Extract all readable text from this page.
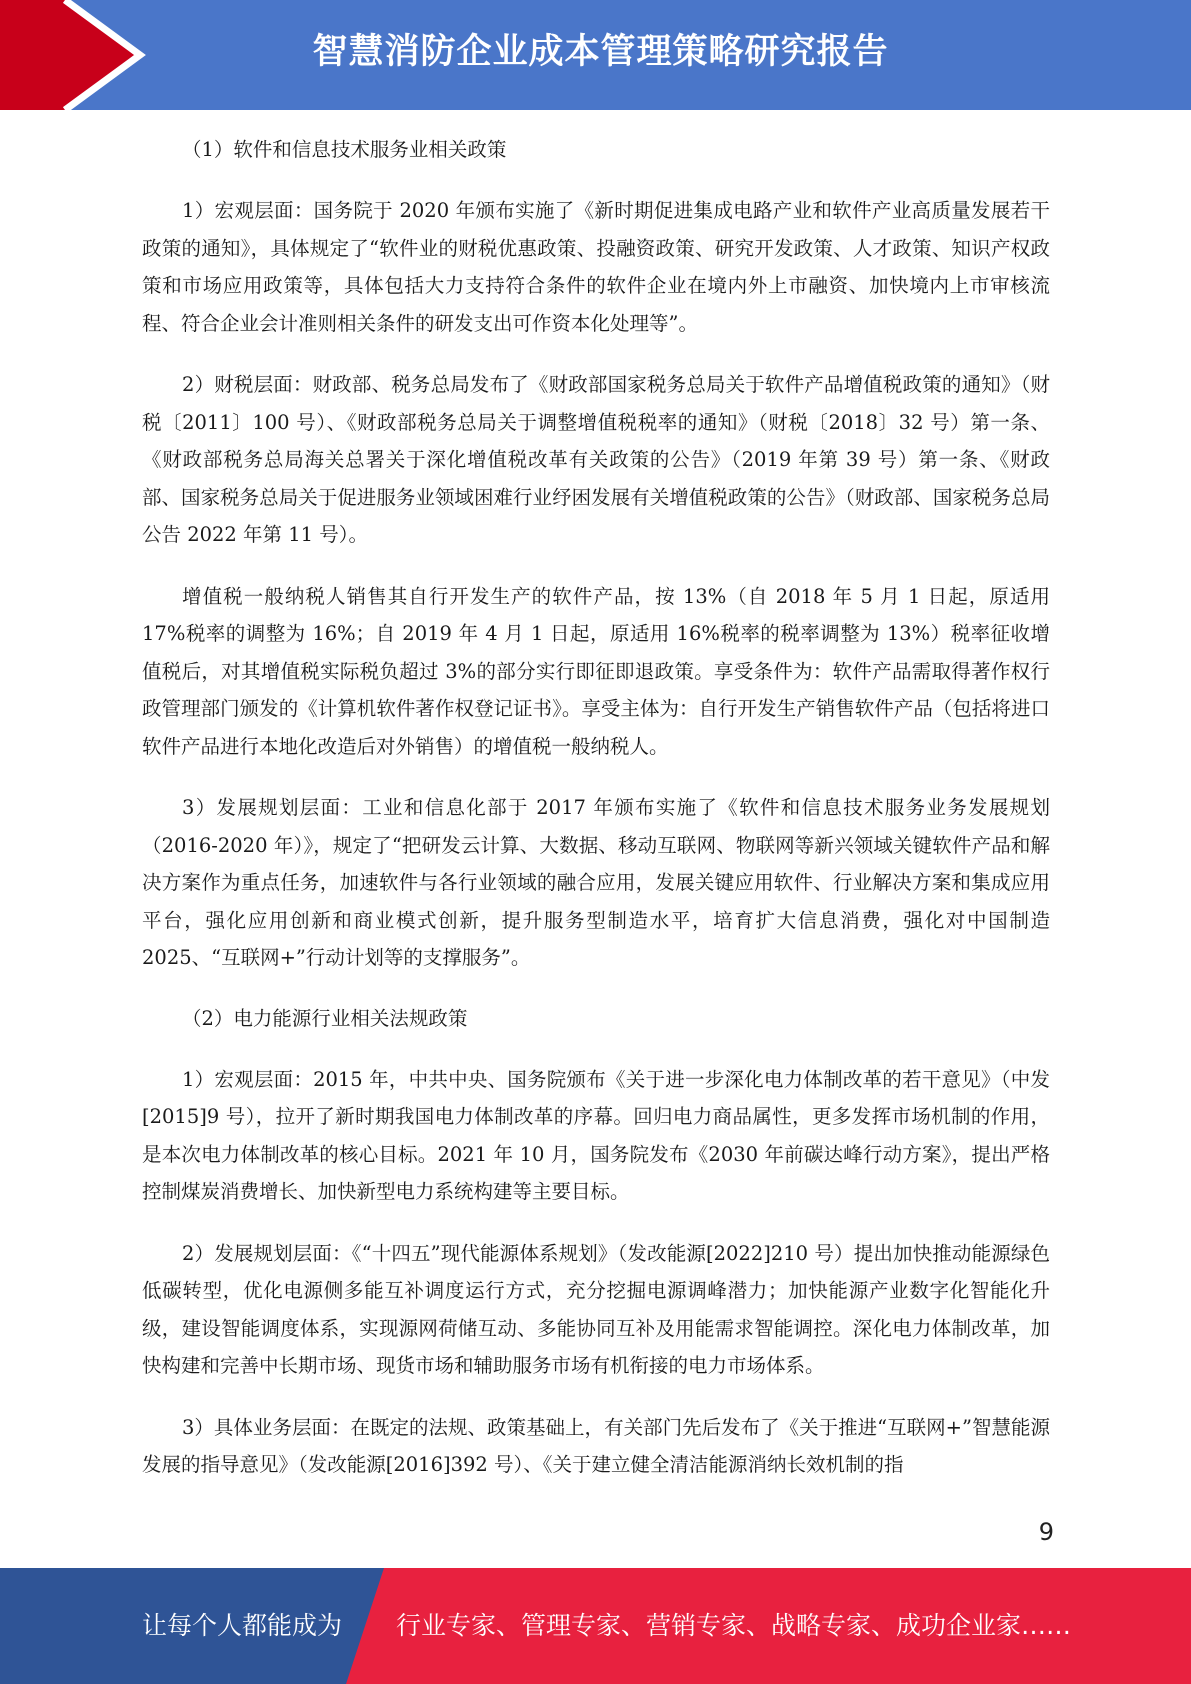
智慧消防企业成本管理策略研究报告

（1）软件和信息技术服务业相关政策

1）宏观层面：国务院于 2020 年颁布实施了《新时期促进集成电路产业和软件产业高质量发展若干政策的通知》，具体规定了“软件业的财税优惠政策、投融资政策、研究开发政策、人才政策、知识产权政策和市场应用政策等，具体包括大力支持符合条件的软件企业在境内外上市融资、加快境内上市审核流程、符合企业会计准则相关条件的研发支出可作资本化处理等”。

2）财税层面：财政部、税务总局发布了《财政部国家税务总局关于软件产品增值税政策的通知》（财税〔2011〕100 号）、《财政部税务总局关于调整增值税税率的通知》（财税〔2018〕32 号）第一条、《财政部税务总局海关总署关于深化增值税改革有关政策的公告》（2019 年第 39 号）第一条、《财政部、国家税务总局关于促进服务业领域困难行业纾困发展有关增值税政策的公告》（财政部、国家税务总局公告 2022 年第 11 号）。

增值税一般纳税人销售其自行开发生产的软件产品，按 13%（自 2018 年 5 月 1 日起，原适用 17%税率的调整为 16%；自 2019 年 4 月 1 日起，原适用 16%税率的税率调整为 13%）税率征收增值税后，对其增值税实际税负超过 3%的部分实行即征即退政策。享受条件为：软件产品需取得著作权行政管理部门颁发的《计算机软件著作权登记证书》。享受主体为：自行开发生产销售软件产品（包括将进口软件产品进行本地化改造后对外销售）的增值税一般纳税人。

3）发展规划层面：工业和信息化部于 2017 年颁布实施了《软件和信息技术服务业务发展规划（2016-2020 年）》，规定了“把研发云计算、大数据、移动互联网、物联网等新兴领域关键软件产品和解决方案作为重点任务，加速软件与各行业领域的融合应用，发展关键应用软件、行业解决方案和集成应用平台，强化应用创新和商业模式创新，提升服务型制造水平，培育扩大信息消费，强化对中国制造 2025、“互联网+”行动计划等的支撑服务”。

（2）电力能源行业相关法规政策

1）宏观层面：2015 年，中共中央、国务院颁布《关于进一步深化电力体制改革的若干意见》（中发[2015]9 号），拉开了新时期我国电力体制改革的序幕。回归电力商品属性，更多发挥市场机制的作用，是本次电力体制改革的核心目标。2021 年 10 月，国务院发布《2030 年前碳达峰行动方案》，提出严格控制煤炭消费增长、加快新型电力系统构建等主要目标。

2）发展规划层面：《“十四五”现代能源体系规划》（发改能源[2022]210 号）提出加快推动能源绿色低碳转型，优化电源侧多能互补调度运行方式，充分挖掘电源调峰潜力；加快能源产业数字化智能化升级，建设智能调度体系，实现源网荷储互动、多能协同互补及用能需求智能调控。深化电力体制改革，加快构建和完善中长期市场、现货市场和辅助服务市场有机衔接的电力市场体系。

3）具体业务层面：在既定的法规、政策基础上，有关部门先后发布了《关于推进“互联网+”智慧能源发展的指导意见》（发改能源[2016]392 号）、《关于建立健全清洁能源消纳长效机制的指

9
让每个人都能成为 行业专家、管理专家、营销专家、战略专家、成功企业家……
